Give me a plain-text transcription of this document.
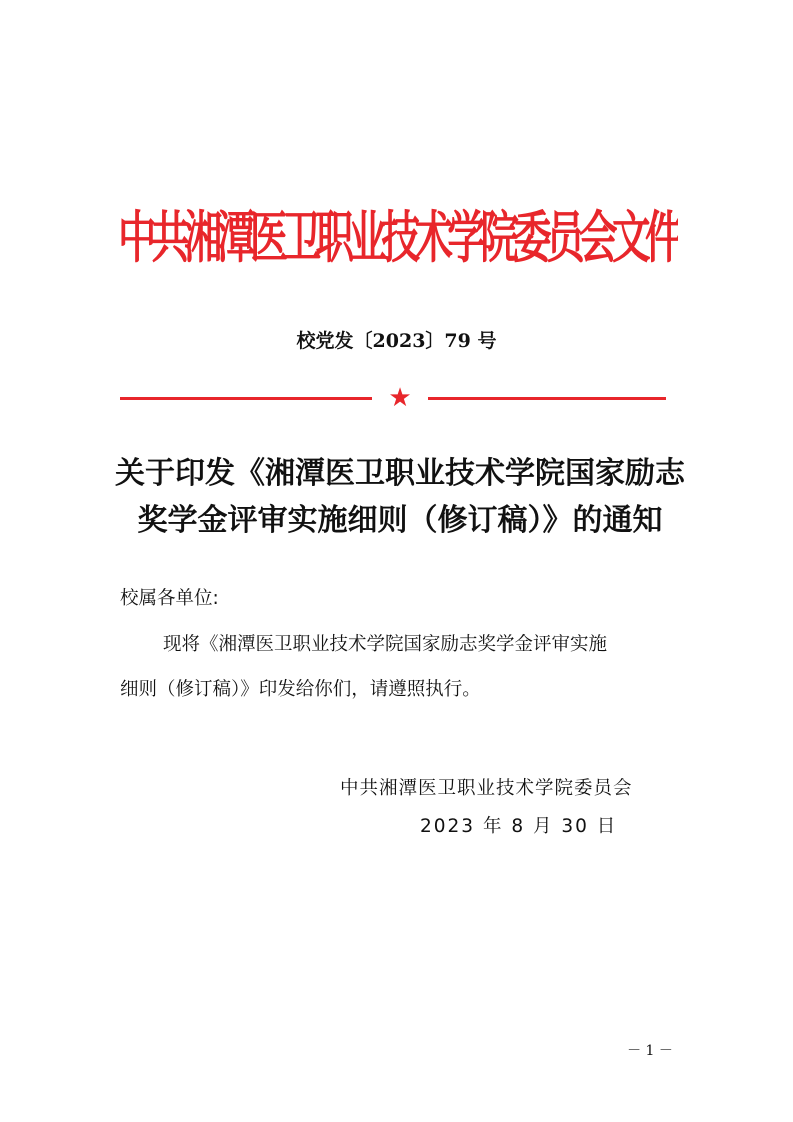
中共湘潭医卫职业技术学院委员会文件
校党发〔2023〕79 号
★
关于印发《湘潭医卫职业技术学院国家励志
奖学金评审实施细则（修订稿）》的通知
校属各单位:
现将《湘潭医卫职业技术学院国家励志奖学金评审实施
细则（修订稿）》印发给你们，请遵照执行。
中共湘潭医卫职业技术学院委员会
2023 年 8 月 30 日
－ 1 －
